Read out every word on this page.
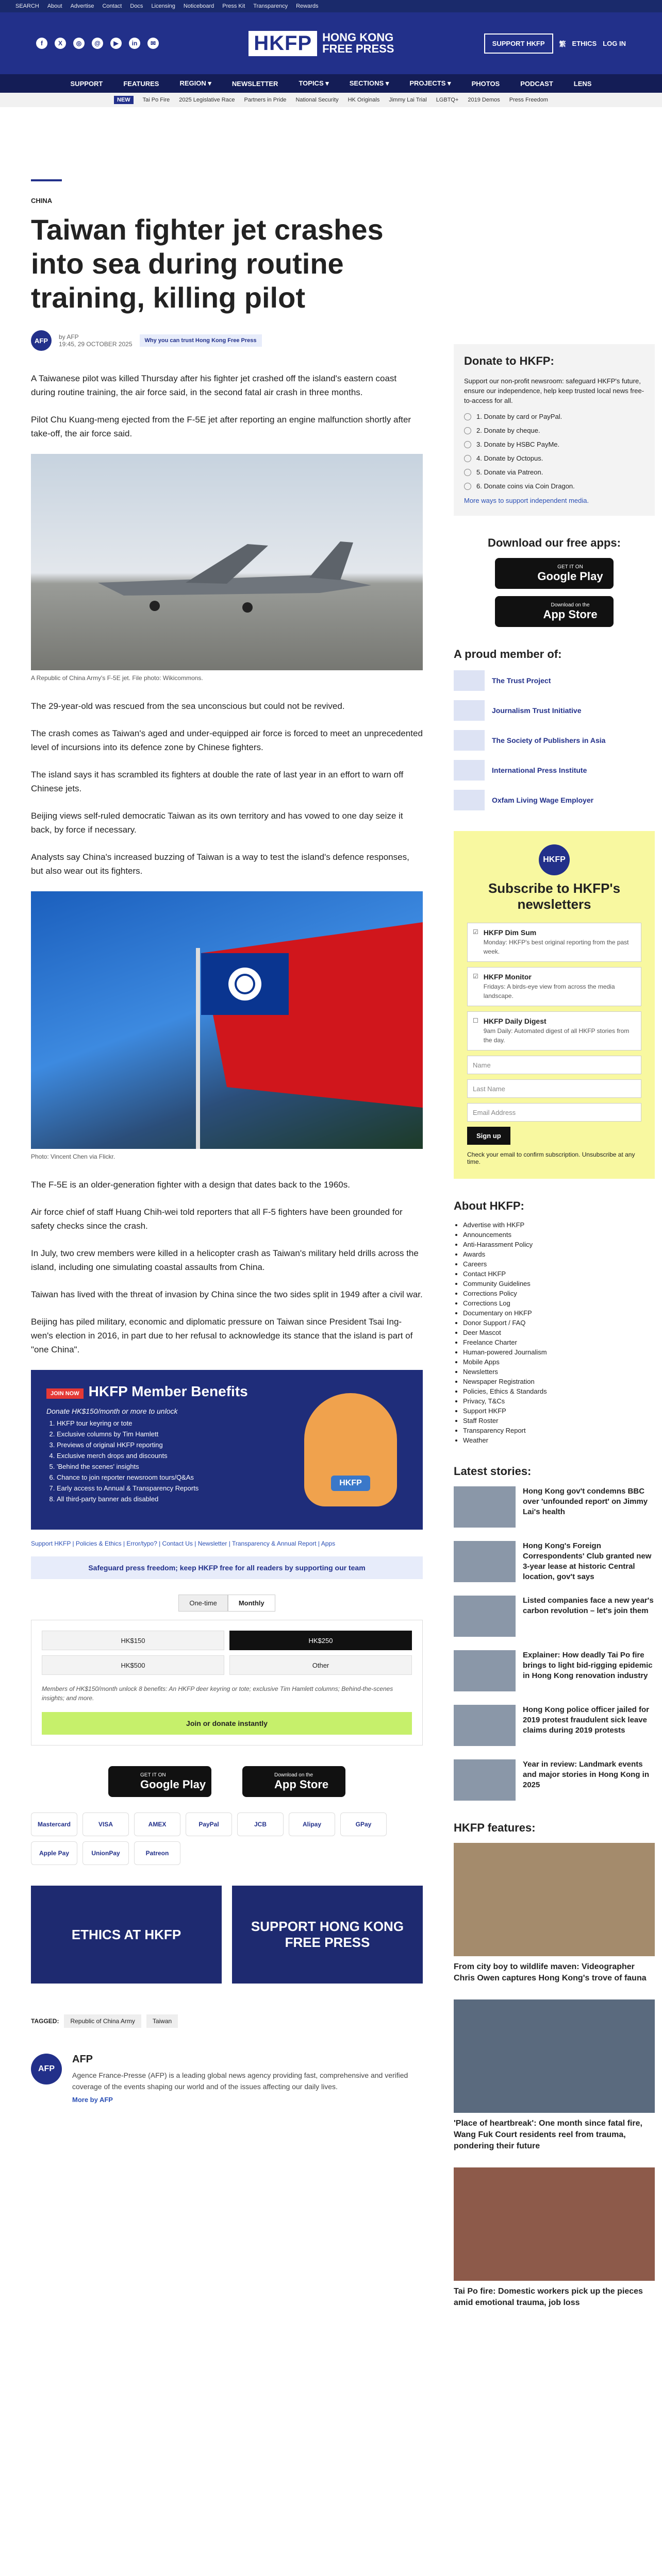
SEARCH About Advertise Contact Docs Licensing Noticeboard Press Kit Transparency Rewards
f	X	◎	@	▶	in	✉	HKFP HONG KONG
FREE PRESS	SUPPORT HKFP	繁 ETHICS LOG IN
SUPPORT	FEATURES	REGION ▾	NEWSLETTER	TOPICS ▾	SECTIONS ▾	PROJECTS ▾	PHOTOS	PODCAST	LENS
NEW	Tai Po Fire 2025 Legislative Race Partners in Pride National Security HK Originals Jimmy Lai Trial LGBTQ+ 2019 Demos Press Freedom
CHINA
Taiwan fighter jet crashes into sea during routine training, killing pilot
AFP	by AFP
19:45, 29 OCTOBER 2025	Why you can trust Hong Kong Free Press

A Taiwanese pilot was killed Thursday after his fighter jet crashed off the island's eastern coast during routine training, the air force said, in the second fatal air crash in three months.

Pilot Chu Kuang-meng ejected from the F-5E jet after reporting an engine malfunction shortly after take-off, the air force said.

A Republic of China Army's F-5E jet. File photo: Wikicommons.

The 29-year-old was rescued from the sea unconscious but could not be revived.

The crash comes as Taiwan's aged and under-equipped air force is forced to meet an unprecedented level of incursions into its defence zone by Chinese fighters.

The island says it has scrambled its fighters at double the rate of last year in an effort to warn off Chinese jets.

Beijing views self-ruled democratic Taiwan as its own territory and has vowed to one day seize it back, by force if necessary.

Analysts say China's increased buzzing of Taiwan is a way to test the island's defence responses, but also wear out its fighters.

Photo: Vincent Chen via Flickr.

The F-5E is an older-generation fighter with a design that dates back to the 1960s.

Air force chief of staff Huang Chih-wei told reporters that all F-5 fighters have been grounded for safety checks since the crash.

In July, two crew members were killed in a helicopter crash as Taiwan's military held drills across the island, including one simulating coastal assaults from China.

Taiwan has lived with the threat of invasion by China since the two sides split in 1949 after a civil war.

Beijing has piled military, economic and diplomatic pressure on Taiwan since President Tsai Ing-wen's election in 2016, in part due to her refusal to acknowledge its stance that the island is part of "one China".

JOIN NOW HKFP Member Benefits
Donate HK$150/month or more to unlock
1. HKFP tour keyring or tote
2. Exclusive columns by Tim Hamlett
3. Previews of original HKFP reporting
4. Exclusive merch drops and discounts
5. 'Behind the scenes' insights
6. Chance to join reporter newsroom tours/Q&As
7. Early access to Annual & Transparency Reports
8. All third-party banner ads disabled
HKFP
Support HKFP | Policies & Ethics | Error/typo? | Contact Us | Newsletter | Transparency & Annual Report | Apps
Safeguard press freedom; keep HKFP free for all readers by supporting our team
One-time	Monthly
HK$150	HK$250
HK$500	Other
Members of HK$150/month unlock 8 benefits: An HKFP deer keyring or tote; exclusive Tim Hamlett columns; Behind-the-scenes insights; and more.
Join or donate instantly
GET IT ON
Google Play
Download on the
App Store
Mastercard	VISA	AMEX	PayPal	JCB	Alipay	GPay
Apple Pay	UnionPay	Patreon
ETHICS AT HKFP
SUPPORT HONG KONG FREE PRESS
TAGGED:	Republic of China Army	Taiwan
AFP
AFP

Agence France-Presse (AFP) is a leading global news agency providing fast, comprehensive and verified coverage of the events shaping our world and of the issues affecting our daily lives.

More by AFP
Donate to HKFP:
Support our non-profit newsroom: safeguard HKFP's future, ensure our independence, help keep trusted local news free-to-access for all.
1. Donate by card or PayPal.
2. Donate by cheque.
3. Donate by HSBC PayMe.
4. Donate by Octopus.
5. Donate via Patreon.
6. Donate coins via Coin Dragon.
More ways to support independent media.
Download our free apps:
GET IT ON
Google Play
Download on the
App Store
A proud member of:
The Trust Project
Journalism Trust Initiative
The Society of Publishers in Asia
International Press Institute
Oxfam Living Wage Employer
HKFP
Subscribe to HKFP's newsletters
☑ HKFP Dim Sum
Monday: HKFP's best original reporting from the past week.
☑ HKFP Monitor
Fridays: A birds-eye view from across the media landscape.
☐ HKFP Daily Digest
9am Daily: Automated digest of all HKFP stories from the day.
Name
Last Name
Email Address
Sign up
Check your email to confirm subscription. Unsubscribe at any time.
About HKFP:
• Advertise with HKFP
• Announcements
• Anti-Harassment Policy
• Awards
• Careers
• Contact HKFP
• Community Guidelines
• Corrections Policy
• Corrections Log
• Documentary on HKFP
• Donor Support / FAQ
• Deer Mascot
• Freelance Charter
• Human-powered Journalism
• Mobile Apps
• Newsletters
• Newspaper Registration
• Policies, Ethics & Standards
• Privacy, T&Cs
• Support HKFP
• Staff Roster
• Transparency Report
• Weather
Latest stories:
Hong Kong gov't condemns BBC over 'unfounded report' on Jimmy Lai's health
Hong Kong's Foreign Correspondents' Club granted new 3-year lease at historic Central location, gov't says
Listed companies face a new year's carbon revolution – let's join them
Explainer: How deadly Tai Po fire brings to light bid-rigging epidemic in Hong Kong renovation industry
Hong Kong police officer jailed for 2019 protest fraudulent sick leave claims during 2019 protests
Year in review: Landmark events and major stories in Hong Kong in 2025
HKFP features:
From city boy to wildlife maven: Videographer Chris Owen captures Hong Kong's trove of fauna
'Place of heartbreak': One month since fatal fire, Wang Fuk Court residents reel from trauma, pondering their future
Tai Po fire: Domestic workers pick up the pieces amid emotional trauma, job loss
